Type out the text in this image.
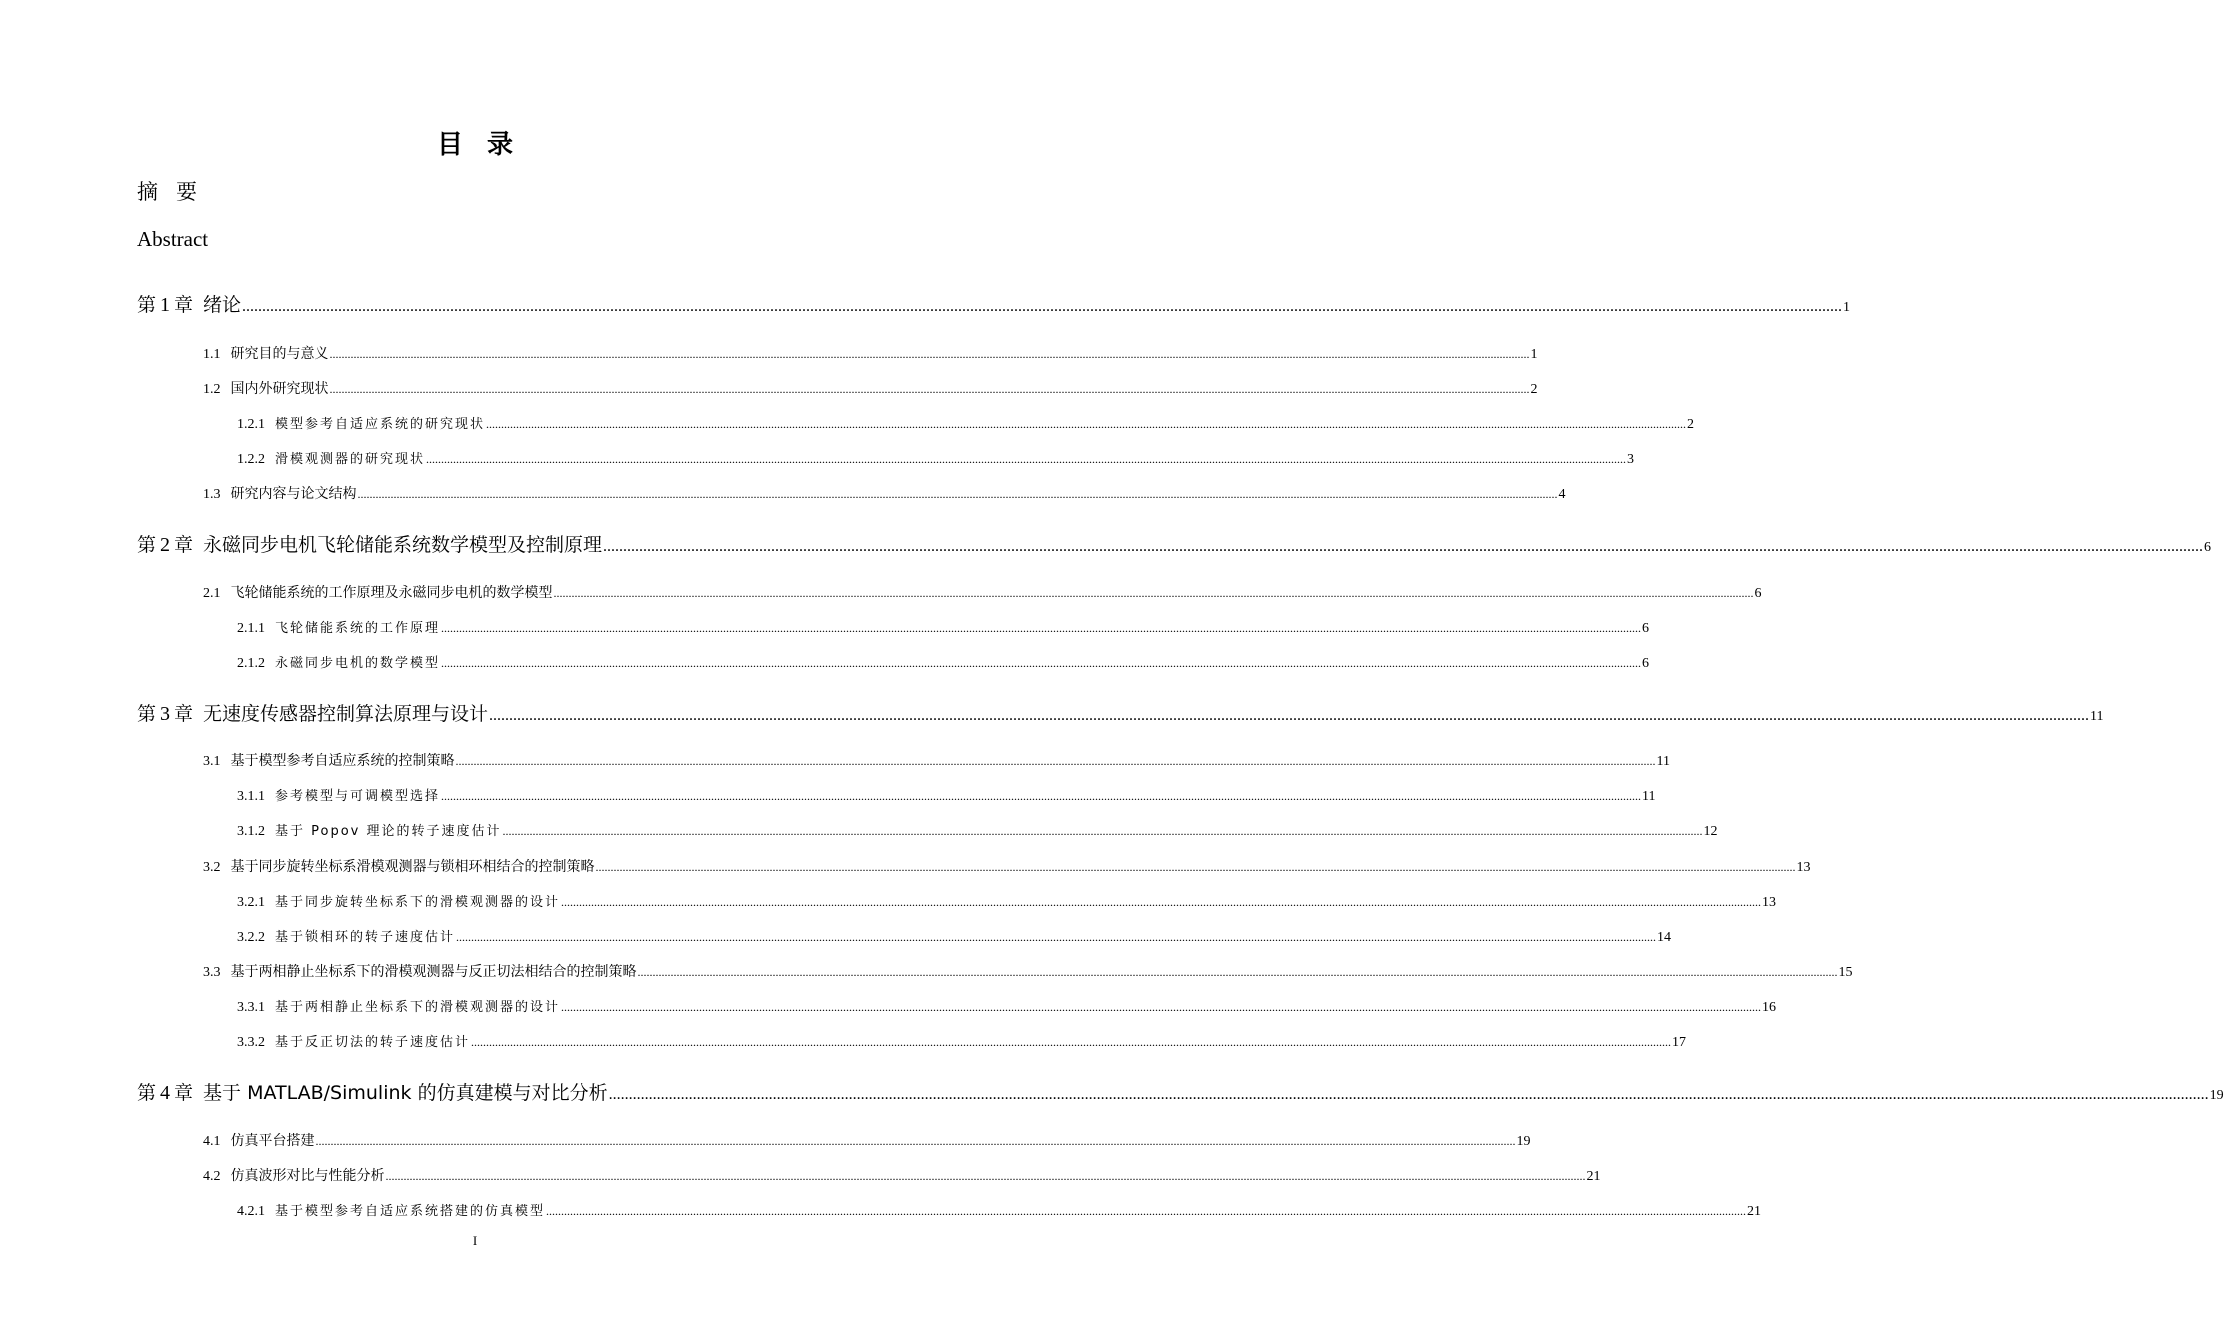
目录
摘要
Abstract
第 1 章 绪论 ................................................................................................................................................................................................................................................................................................................................................................................................................ 1
1.1 研究目的与意义 ................................................................................................................................................................................................................................................................................................................................................................................................................ 1
1.2 国内外研究现状 ................................................................................................................................................................................................................................................................................................................................................................................................................ 2
1.2.1 模型参考自适应系统的研究现状 ................................................................................................................................................................................................................................................................................................................................................................................................................ 2
1.2.2 滑模观测器的研究现状 ................................................................................................................................................................................................................................................................................................................................................................................................................ 3
1.3 研究内容与论文结构 ................................................................................................................................................................................................................................................................................................................................................................................................................ 4
第 2 章 永磁同步电机飞轮储能系统数学模型及控制原理 ................................................................................................................................................................................................................................................................................................................................................................................................................ 6
2.1 飞轮储能系统的工作原理及永磁同步电机的数学模型 ................................................................................................................................................................................................................................................................................................................................................................................................................ 6
2.1.1 飞轮储能系统的工作原理 ................................................................................................................................................................................................................................................................................................................................................................................................................ 6
2.1.2 永磁同步电机的数学模型 ................................................................................................................................................................................................................................................................................................................................................................................................................ 6
第 3 章 无速度传感器控制算法原理与设计 ................................................................................................................................................................................................................................................................................................................................................................................................................ 11
3.1 基于模型参考自适应系统的控制策略 ................................................................................................................................................................................................................................................................................................................................................................................................................ 11
3.1.1 参考模型与可调模型选择 ................................................................................................................................................................................................................................................................................................................................................................................................................ 11
3.1.2 基于 Popov 理论的转子速度估计 ................................................................................................................................................................................................................................................................................................................................................................................................................ 12
3.2 基于同步旋转坐标系滑模观测器与锁相环相结合的控制策略 ................................................................................................................................................................................................................................................................................................................................................................................................................ 13
3.2.1 基于同步旋转坐标系下的滑模观测器的设计 ................................................................................................................................................................................................................................................................................................................................................................................................................ 13
3.2.2 基于锁相环的转子速度估计 ................................................................................................................................................................................................................................................................................................................................................................................................................ 14
3.3 基于两相静止坐标系下的滑模观测器与反正切法相结合的控制策略 ................................................................................................................................................................................................................................................................................................................................................................................................................ 15
3.3.1 基于两相静止坐标系下的滑模观测器的设计 ................................................................................................................................................................................................................................................................................................................................................................................................................ 16
3.3.2 基于反正切法的转子速度估计 ................................................................................................................................................................................................................................................................................................................................................................................................................ 17
第 4 章 基于 MATLAB/Simulink 的仿真建模与对比分析 ................................................................................................................................................................................................................................................................................................................................................................................................................ 19
4.1 仿真平台搭建 ................................................................................................................................................................................................................................................................................................................................................................................................................ 19
4.2 仿真波形对比与性能分析 ................................................................................................................................................................................................................................................................................................................................................................................................................ 21
4.2.1 基于模型参考自适应系统搭建的仿真模型 ................................................................................................................................................................................................................................................................................................................................................................................................................ 21
I
